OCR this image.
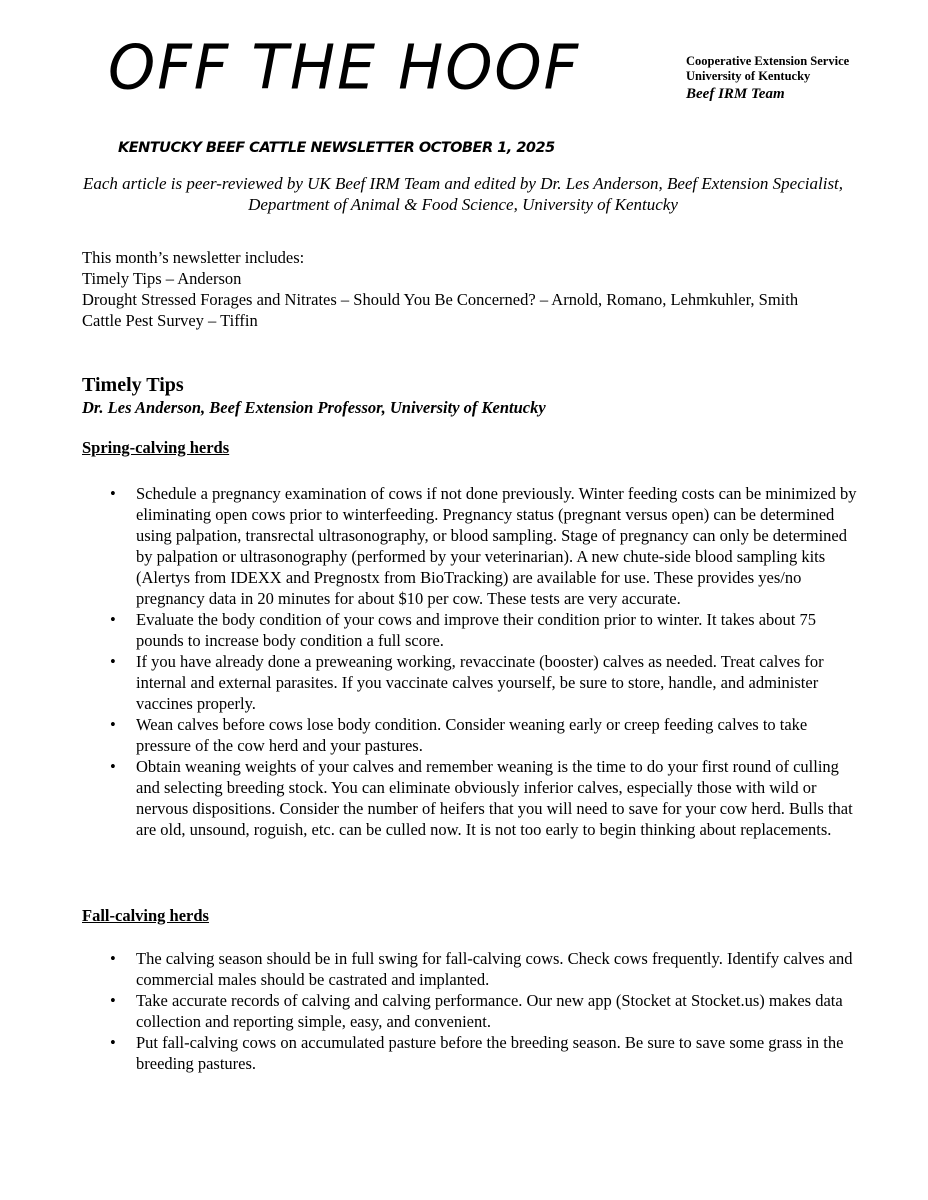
OFF THE HOOF	Cooperative Extension Service
University of Kentucky
Beef IRM Team
KENTUCKY BEEF CATTLE NEWSLETTER OCTOBER 1, 2025
Each article is peer-reviewed by UK Beef IRM Team and edited by Dr. Les Anderson, Beef Extension Specialist, Department of Animal & Food Science, University of Kentucky
This month’s newsletter includes:
Timely Tips – Anderson
Drought Stressed Forages and Nitrates – Should You Be Concerned? – Arnold, Romano, Lehmkuhler, Smith
Cattle Pest Survey – Tiffin
Timely Tips
Dr. Les Anderson, Beef Extension Professor, University of Kentucky
Spring-calving herds
• Schedule a pregnancy examination of cows if not done previously. Winter feeding costs can be minimized by eliminating open cows prior to winterfeeding. Pregnancy status (pregnant versus open) can be determined using palpation, transrectal ultrasonography, or blood sampling. Stage of pregnancy can only be determined by palpation or ultrasonography (performed by your veterinarian). A new chute-side blood sampling kits (Alertys from IDEXX and Pregnostx from BioTracking) are available for use. These provides yes/no pregnancy data in 20 minutes for about $10 per cow. These tests are very accurate.
• Evaluate the body condition of your cows and improve their condition prior to winter. It takes about 75 pounds to increase body condition a full score.
• If you have already done a preweaning working, revaccinate (booster) calves as needed. Treat calves for internal and external parasites. If you vaccinate calves yourself, be sure to store, handle, and administer vaccines properly.
• Wean calves before cows lose body condition. Consider weaning early or creep feeding calves to take pressure of the cow herd and your pastures.
• Obtain weaning weights of your calves and remember weaning is the time to do your first round of culling and selecting breeding stock. You can eliminate obviously inferior calves, especially those with wild or nervous dispositions. Consider the number of heifers that you will need to save for your cow herd. Bulls that are old, unsound, roguish, etc. can be culled now. It is not too early to begin thinking about replacements.
Fall-calving herds
• The calving season should be in full swing for fall-calving cows. Check cows frequently. Identify calves and commercial males should be castrated and implanted.
• Take accurate records of calving and calving performance. Our new app (Stocket at Stocket.us) makes data collection and reporting simple, easy, and convenient.
• Put fall-calving cows on accumulated pasture before the breeding season. Be sure to save some grass in the breeding pastures.
